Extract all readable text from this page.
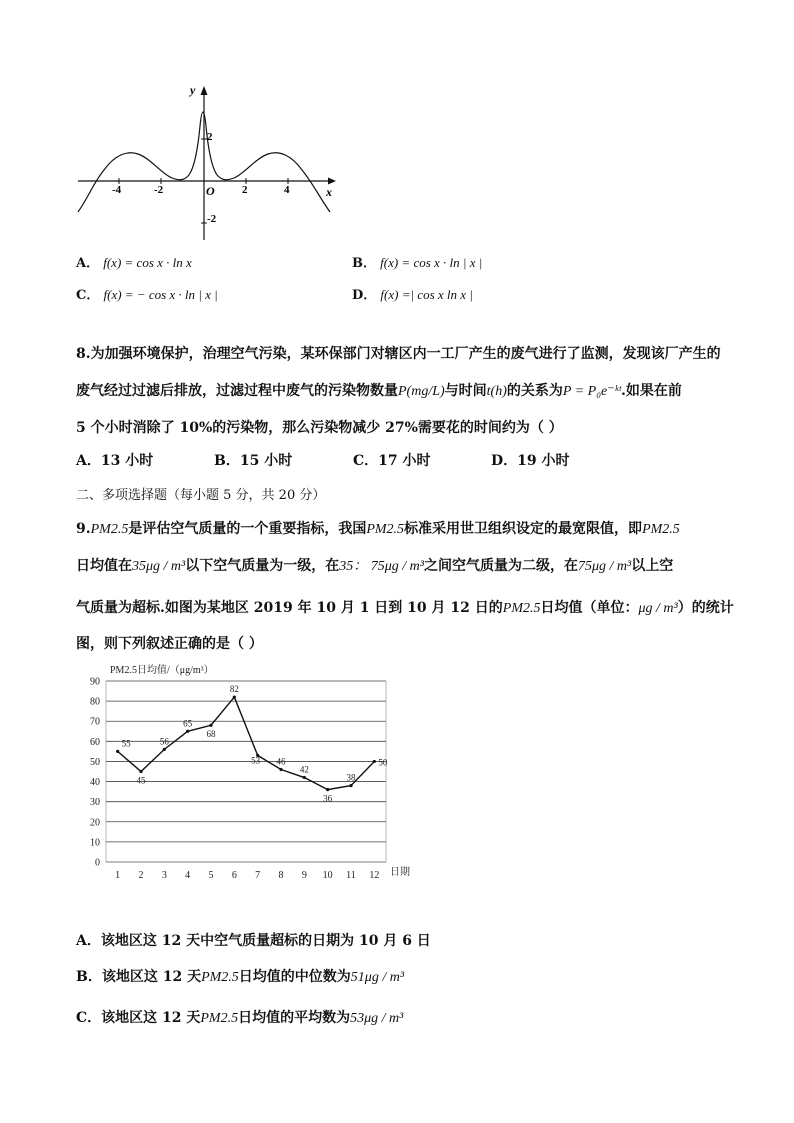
y
x
O
-4	-2	2	4
2
-2
A． f(x) = cos x · ln x	B． f(x) = cos x · ln | x |
C． f(x) = − cos x · ln | x |	D． f(x) =| cos x ln x |
8.为加强环境保护，治理空气污染，某环保部门对辖区内一工厂产生的废气进行了监测，发现该厂产生的
废气经过过滤后排放，过滤过程中废气的污染物数量P(mg/L)与时间t(h)的关系为P = P₀e⁻ᵏᵗ.如果在前
5 个小时消除了 10%的污染物，那么污染物减少 27%需要花的时间约为（ ）
A．13 小时	B．15 小时	C．17 小时	D．19 小时
二、多项选择题（每小题 5 分，共 20 分）
9.PM2.5是评估空气质量的一个重要指标，我国PM2.5标准采用世卫组织设定的最宽限值，即PM2.5
日均值在35μg / m³以下空气质量为一级，在35： 75μg / m³之间空气质量为二级，在75μg / m³以上空
气质量为超标.如图为某地区 2019 年 10 月 1 日到 10 月 12 日的PM2.5日均值（单位：μg / m³）的统计
图，则下列叙述正确的是（ ）
PM2.5日均值/（μg/m³）
0
10
20
30
40
50
60
70
80
90
1 2 3 4 5 6 7 8 9 10 11 12
55
45
56
65
68
82
53 46
42
36
38
50
日期
A．该地区这 12 天中空气质量超标的日期为 10 月 6 日
B．该地区这 12 天PM2.5日均值的中位数为51μg / m³
C．该地区这 12 天PM2.5日均值的平均数为53μg / m³
